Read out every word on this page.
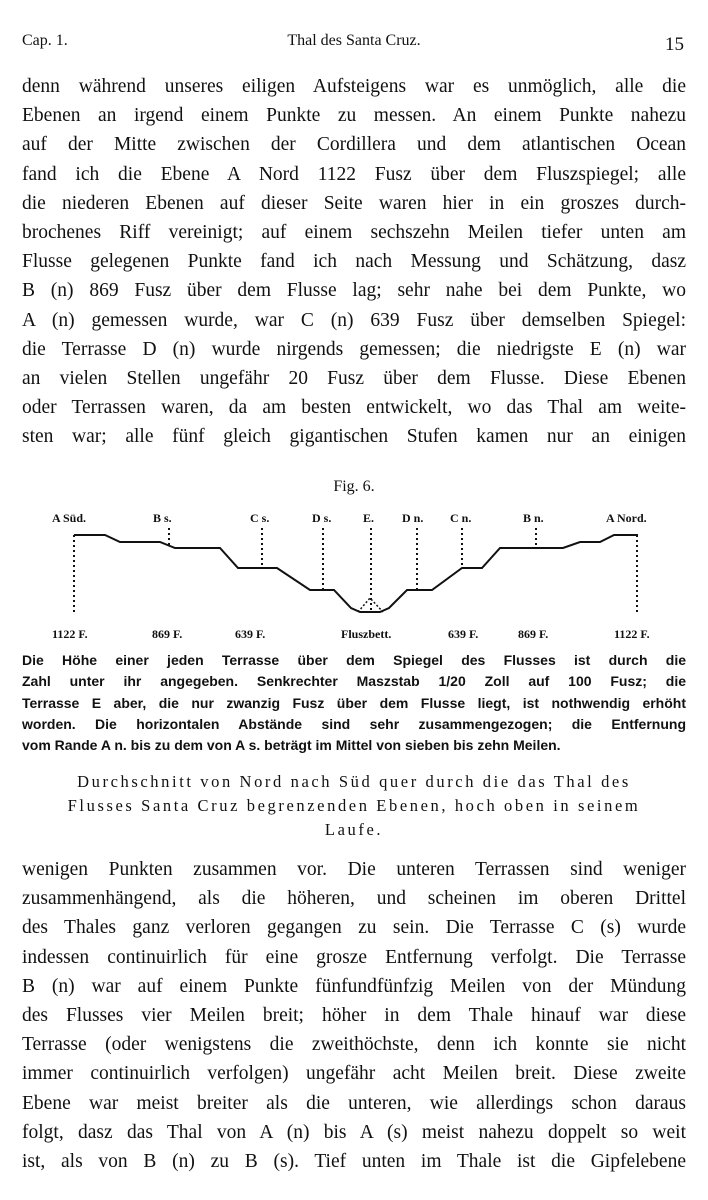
Cap. 1.	Thal des Santa Cruz.	15
denn während unseres eiligen Aufsteigens war es unmöglich, alle die
Ebenen an irgend einem Punkte zu messen. An einem Punkte nahezu
auf der Mitte zwischen der Cordillera und dem atlantischen Ocean
fand ich die Ebene A Nord 1122 Fusz über dem Fluszspiegel; alle
die niederen Ebenen auf dieser Seite waren hier in ein groszes durch-
brochenes Riff vereinigt; auf einem sechszehn Meilen tiefer unten am
Flusse gelegenen Punkte fand ich nach Messung und Schätzung, dasz
B (n) 869 Fusz über dem Flusse lag; sehr nahe bei dem Punkte, wo
A (n) gemessen wurde, war C (n) 639 Fusz über demselben Spiegel:
die Terrasse D (n) wurde nirgends gemessen; die niedrigste E (n) war
an vielen Stellen ungefähr 20 Fusz über dem Flusse. Diese Ebenen
oder Terrassen waren, da am besten entwickelt, wo das Thal am weite-
sten war; alle fünf gleich gigantischen Stufen kamen nur an einigen
Fig. 6.
A Süd.	B s.	C s.	D s.	E. D n. C n.	B n.	A Nord.
1122 F.	869 F.	639 F.	Fluszbett.	639 F.	869 F.	1122 F.
Die Höhe einer jeden Terrasse über dem Spiegel des Flusses ist durch die
Zahl unter ihr angegeben. Senkrechter Maszstab 1/20 Zoll auf 100 Fusz; die
Terrasse E aber, die nur zwanzig Fusz über dem Flusse liegt, ist nothwendig erhöht
worden. Die horizontalen Abstände sind sehr zusammengezogen; die Entfernung
vom Rande A n. bis zu dem von A s. beträgt im Mittel von sieben bis zehn Meilen.
Durchschnitt von Nord nach Süd quer durch die das Thal des
Flusses Santa Cruz begrenzenden Ebenen, hoch oben in seinem
Laufe.
wenigen Punkten zusammen vor. Die unteren Terrassen sind weniger
zusammenhängend, als die höheren, und scheinen im oberen Drittel
des Thales ganz verloren gegangen zu sein. Die Terrasse C (s) wurde
indessen continuirlich für eine grosze Entfernung verfolgt. Die Terrasse
B (n) war auf einem Punkte fünfundfünfzig Meilen von der Mündung
des Flusses vier Meilen breit; höher in dem Thale hinauf war diese
Terrasse (oder wenigstens die zweithöchste, denn ich konnte sie nicht
immer continuirlich verfolgen) ungefähr acht Meilen breit. Diese zweite
Ebene war meist breiter als die unteren, wie allerdings schon daraus
folgt, dasz das Thal von A (n) bis A (s) meist nahezu doppelt so weit
ist, als von B (n) zu B (s). Tief unten im Thale ist die Gipfelebene
